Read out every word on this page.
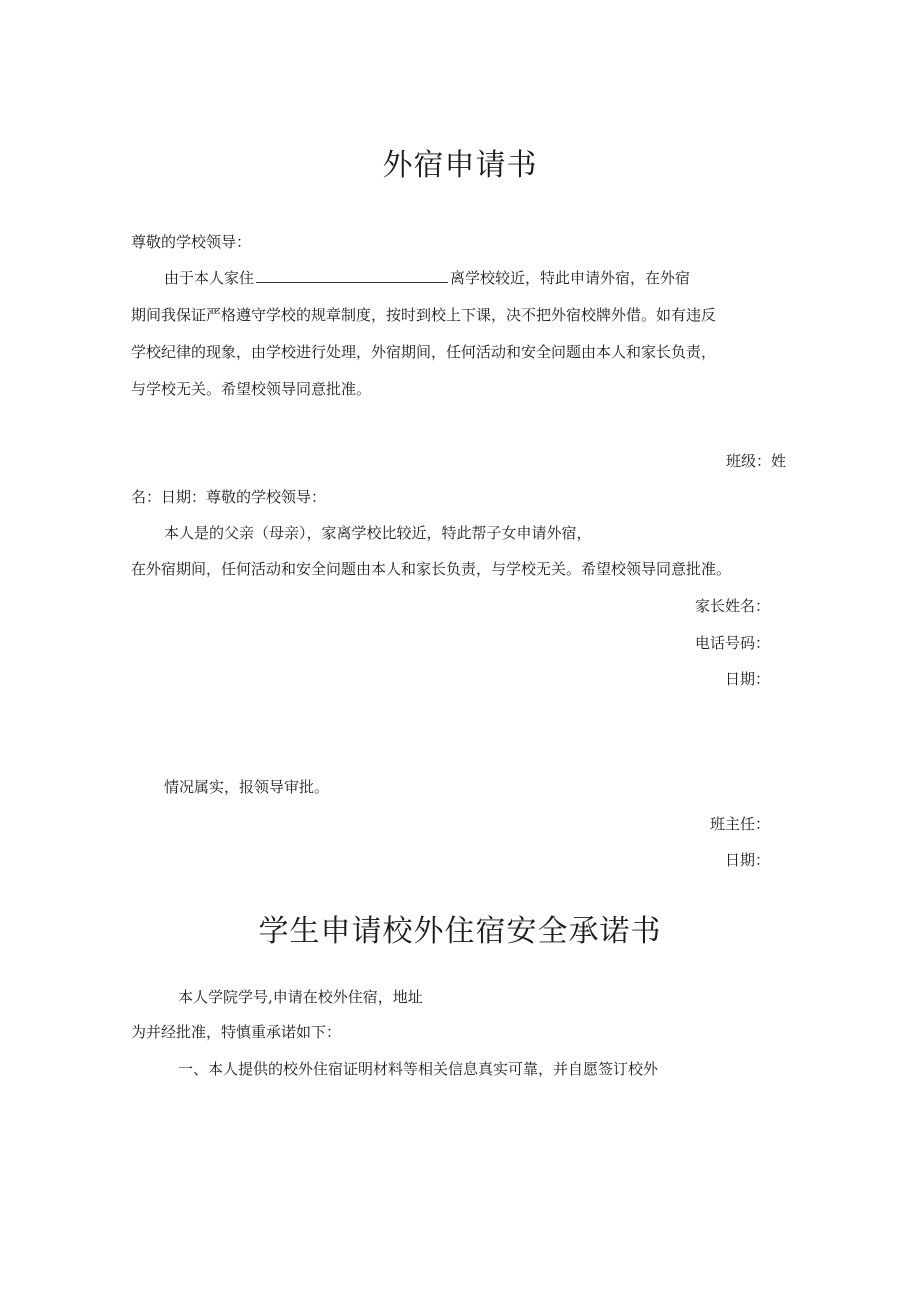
外宿申请书
尊敬的学校领导：
由于本人家住	离学校较近，特此申请外宿，在外宿
期间我保证严格遵守学校的规章制度，按时到校上下课，决不把外宿校牌外借。如有违反
学校纪律的现象，由学校进行处理，外宿期间，任何活动和安全问题由本人和家长负责，
与学校无关。希望校领导同意批准。
班级：姓
名：日期：尊敬的学校领导：
本人是的父亲（母亲），家离学校比较近，特此帮子女申请外宿，
在外宿期间，任何活动和安全问题由本人和家长负责，与学校无关。希望校领导同意批准。
家长姓名：
电话号码：
日期：
情况属实，报领导审批。
班主任：
日期：
学生申请校外住宿安全承诺书
本人学院学号,申请在校外住宿，地址
为并经批准，特慎重承诺如下：
一、本人提供的校外住宿证明材料等相关信息真实可靠，并自愿签订校外
